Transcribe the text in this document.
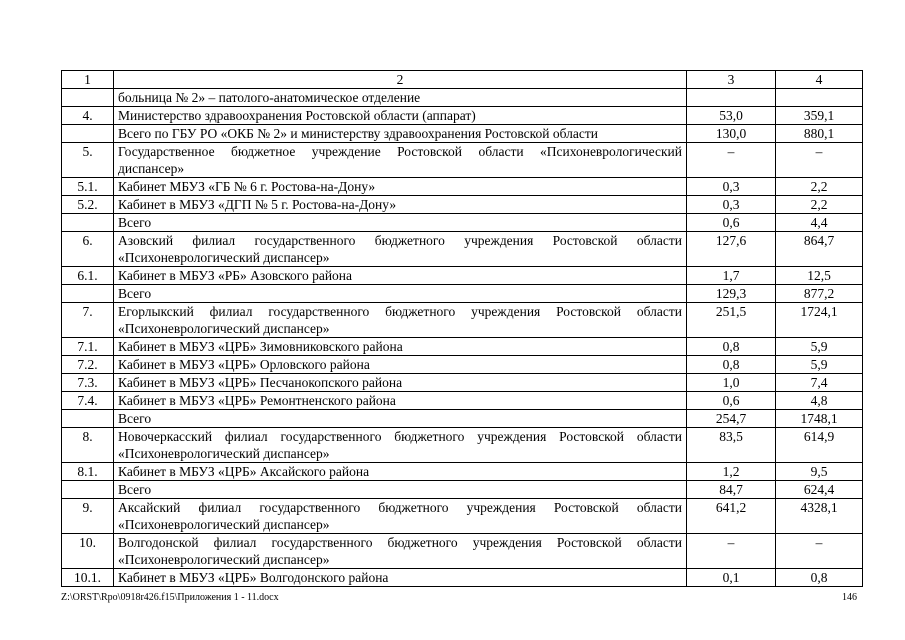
1	2	3	4
	больница № 2» – патолого-анатомическое отделение		
4.	Министерство здравоохранения Ростовской области (аппарат)	53,0	359,1
	Всего по ГБУ РО «ОКБ № 2» и министерству здравоохранения Ростовской области	130,0	880,1
5.	Государственное бюджетное учреждение Ростовской области «Психоневрологический диспансер»	–	–
5.1.	Кабинет МБУЗ «ГБ № 6 г. Ростова-на-Дону»	0,3	2,2
5.2.	Кабинет в МБУЗ «ДГП № 5 г. Ростова-на-Дону»	0,3	2,2
	Всего	0,6	4,4
6.	Азовский филиал государственного бюджетного учреждения Ростовской области «Психоневрологический диспансер»	127,6	864,7
6.1.	Кабинет в МБУЗ «РБ» Азовского района	1,7	12,5
	Всего	129,3	877,2
7.	Егорлыкский филиал государственного бюджетного учреждения Ростовской области «Психоневрологический диспансер»	251,5	1724,1
7.1.	Кабинет в МБУЗ «ЦРБ» Зимовниковского района	0,8	5,9
7.2.	Кабинет в МБУЗ «ЦРБ» Орловского района	0,8	5,9
7.3.	Кабинет в МБУЗ «ЦРБ» Песчанокопского района	1,0	7,4
7.4.	Кабинет в МБУЗ «ЦРБ» Ремонтненского района	0,6	4,8
	Всего	254,7	1748,1
8.	Новочеркасский филиал государственного бюджетного учреждения Ростовской области «Психоневрологический диспансер»	83,5	614,9
8.1.	Кабинет в МБУЗ «ЦРБ» Аксайского района	1,2	9,5
	Всего	84,7	624,4
9.	Аксайский филиал государственного бюджетного учреждения Ростовской области «Психоневрологический диспансер»	641,2	4328,1
10.	Волгодонской филиал государственного бюджетного учреждения Ростовской области «Психоневрологический диспансер»	–	–
10.1.	Кабинет в МБУЗ «ЦРБ» Волгодонского района	0,1	0,8
Z:\ORST\Rpo\0918r426.f15\Приложения 1 - 11.docx	146
